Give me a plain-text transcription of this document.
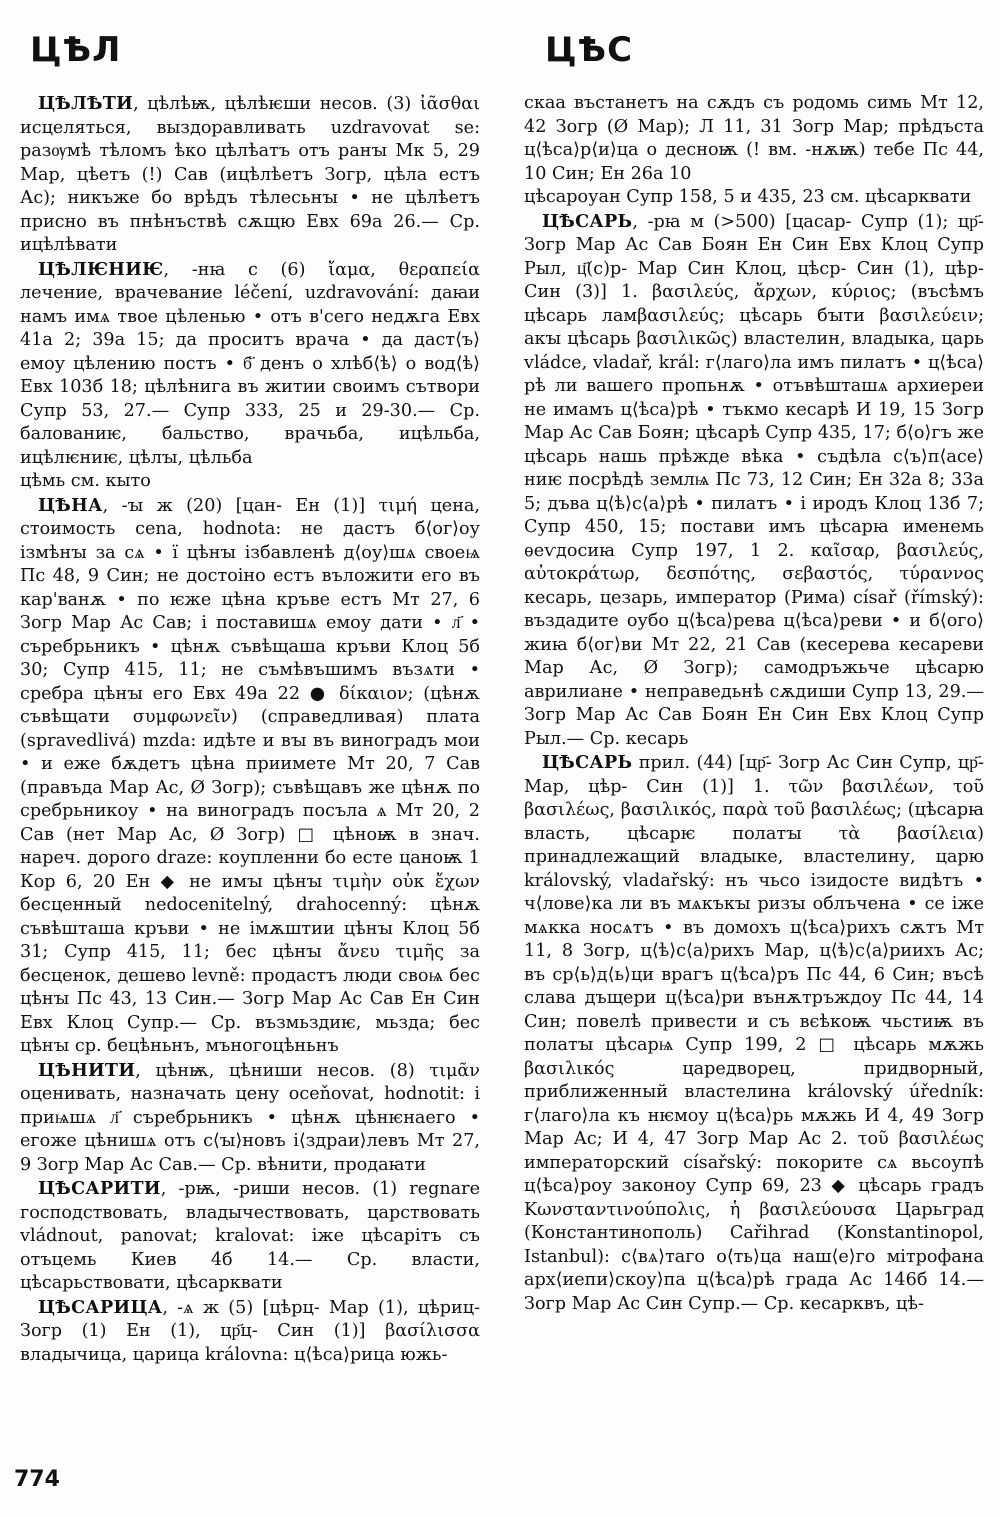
ЦѢЛ	ЦѢС

ЦѢЛѢТИ, цѣлѣѭ, цѣлѣѥши несов. (3) ἰᾶσθαι исцеляться, выздоравливать uzdravovat se: разѹмѣ тѣломъ ѣко цѣлѣатъ отъ ранꙑ Мк 5, 29 Мар, цѣетъ (!) Сав (ицѣлѣетъ Зогр, цѣла естъ Ас); никъже бо врѣдъ тѣлесьнꙑ • не цѣлѣетъ присно въ пнѣнъствѣ сѫщю Евх 69а 26.— Ср. ицѣлѣвати

ЦѢЛѤНИѤ, -нꙗ с (6) ἴαμα, θεραπεία лечение, врачевание léčení, uzdravování: даꙗи намъ имѧ твое цѣленью • отъ в'сего недѫга Евх 41а 2; 39а 15; да проситъ врача • да даст⟨ъ⟩ емоу цѣлению постъ • б҃ денъ о хлѣб⟨ѣ⟩ о вод⟨ѣ⟩ Евх 103б 18; цѣлѣнига въ житии своимъ сътвори Супр 53, 27.— Супр 333, 25 и 29-30.— Ср. балованиѥ, бальство, врачьба, ицѣльба, ицѣлѥниѥ, цѣлꙑ, цѣльба

цѣмь см. кыто

ЦѢНА, -ꙑ ж (20) [цан- Ен (1)] τιμή цена, стоимость cena, hodnota: не дастъ б⟨ог⟩оу ізмѣнꙑ за сѧ • ї цѣнꙑ ізбавленѣ д⟨оу⟩шѧ своеѩ Пс 48, 9 Син; не достоіно естъ вълoжити его въ кар'ванѫ • по ѥже цѣна кръве естъ Мт 27, 6 Зогр Мар Ас Сав; і поставишѧ емоу дати • л҃ • сърeбрьникъ • цѣнѫ съвѣщаша кръви Клоц 5б 30; Супр 415, 11; не съмѣвъшимъ възѧти • сребра цѣнꙑ его Евх 49а 22 ● δίκαιον; (цѣнѫ съвѣщати συμφωνεῖν) (справедливая) плата (spravedlivá) mzda: идѣте и вꙑ въ виноградъ мои • и еже бѫдетъ цѣна приимете Мт 20, 7 Сав (правъда Мар Ас, Ø Зогр); съвѣщавъ же цѣнѫ по сребрьникоу • на виноградъ посъла ѧ Мт 20, 2 Сав (нет Мар Ас, Ø Зогр) □ цѣноѭ в знач. нареч. дорого draze: коупленни бо есте цаноѭ 1 Кор 6, 20 Ен ◆ не имꙑ цѣнꙑ τιμὴν οὐκ ἔχων бесценный nedocenitelný, drahocenný: цѣнѫ съвѣшташа кръви • не імѫштии цѣнꙑ Клоц 5б 31; Супр 415, 11; бес цѣнꙑ ἄνευ τιμῆς за бесценок, дешево levně: продастъ люди своѩ бес цѣнꙑ Пс 43, 13 Син.— Зогр Мар Ас Сав Ен Син Евх Клоц Супр.— Ср. възмьздиѥ, мьзда; бес цѣнꙑ ср. бецѣньнъ, мъногоцѣньнъ

ЦѢНИТИ, цѣнѭ, цѣниши несов. (8) τιμᾶν оценивать, назначать цену oceňovat, hodnotit: і приѩшѧ л҃ сърeбрьникъ • цѣнѫ цѣнѥнаего • егоже цѣнишѧ отъ с⟨ꙑ⟩новъ і⟨здраи⟩левъ Мт 27, 9 Зогр Мар Ас Сав.— Ср. вѣнити, продаꙗти

ЦѢСАРИТИ, -рѭ, -риши несов. (1) regnare господствовать, владычествовать, царствовать vládnout, panovat; kralovat: іже цѣсарітъ съ отъцемь Киев 4б 14.— Ср. власти, цѣсарьствовати, цѣсарквати

ЦѢСАРИЦА, -ѧ ж (5) [цѣрц- Мар (1), цѣриц- Зогр (1) Ен (1), цр҃ц- Син (1)] βασίλισσα владычица, царица královna: ц⟨ѣса⟩рица южь-

скаа въстанетъ на сѫдъ съ родомь симь Мт 12, 42 Зогр (Ø Мар); Л 11, 31 Зогр Мар; прѣдъста ц⟨ѣса⟩р⟨и⟩ца о десноѭ (! вм. -нѫѭ) тебе Пс 44, 10 Син; Ен 26а 10

цѣсароуан Супр 158, 5 и 435, 23 см. цѣсарквати

ЦѢСАРЬ, -рꙗ м (>500) [цасар- Супр (1); цр҃- Зогр Мар Ас Сав Боян Ен Син Евх Клоц Супр Рыл, ц҃(с)р- Мар Син Клоц, цѣср- Син (1), цѣр- Син (3)] 1. βασιλεύς, ἄρχων, κύριος; (въсѣмъ цѣсарь ламβασιλεύς; цѣсарь бꙑти βασιλεύειν; акꙑ цѣсарь βασιλικῶς) властелин, владыка, царь vládce, vladař, král: г⟨лаго⟩ла имъ пилатъ • ц⟨ѣса⟩рѣ ли вашего пропьнѫ • отъвѣшташѧ архиереи не имамъ ц⟨ѣса⟩рѣ • тъкмо кесарѣ И 19, 15 Зогр Мар Ас Сав Боян; цѣсарѣ Супр 435, 17; б⟨о⟩гъ же цѣсарь нашь прѣжде вѣка • съдѣла с⟨ъ⟩п⟨асе⟩ниѥ посрѣдѣ землѩ Пс 73, 12 Син; Ен 32а 8; 33а 5; дъва ц⟨ѣ⟩с⟨а⟩рѣ • пилатъ • і иродъ Клоц 13б 7; Супр 450, 15; постави имъ цѣсарꙗ именемь ѳеѵдосиꙗ Супр 197, 1 2. καῖσαρ, βασιλεύς, αὐτοκράτωρ, δεσπότης, σεβαστός, τύραννος кесарь, цезарь, император (Рима) císař (římský): въздадите оубо ц⟨ѣса⟩рева ц⟨ѣса⟩реви • и б⟨ого⟩жиꙗ б⟨ог⟩ви Мт 22, 21 Сав (кесерева кесареви Мар Ас, Ø Зогр); самодръжьче цѣсарю аврилиане • неправедьнѣ сѫдиши Супр 13, 29.— Зогр Мар Ас Сав Боян Ен Син Евх Клоц Супр Рыл.— Ср. кесарь

ЦѢСАРЬ прил. (44) [цр҃- Зогр Ас Син Супр, цр҃- Мар, цѣр- Син (1)] 1. τῶν βασιλέων, τοῦ βασιλέως, βασιλικός, παρὰ τοῦ βασιλέως; (цѣсарꙗ власть, цѣсарѥ полатꙑ τὰ βασίλεια) принадлежащий владыке, властелину, царю královský, vladařský: нъ чьсо ізидосте видѣтъ • ч⟨лове⟩ка ли въ мѧкъкꙑ ризꙑ облъчена • се іже мѧкка носѧтъ • въ домохъ ц⟨ѣса⟩рихъ сѫтъ Мт 11, 8 Зогр, ц⟨ѣ⟩с⟨а⟩рихъ Мар, ц⟨ѣ⟩с⟨а⟩риихъ Ас; въ ср⟨ь⟩д⟨ь⟩ци врагъ ц⟨ѣса⟩ръ Пс 44, 6 Син; въсѣ слава дъщери ц⟨ѣса⟩ри вънѫтръждоу Пс 44, 14 Син; повелѣ привести и съ вєѣкоѭ чьстиѭ въ полатꙑ цѣсарѩ Супр 199, 2 □ цѣсарь мѫжь βασιλικός царедворец, придворный, приближенный властелина královský úředník: г⟨лаго⟩ла къ нѥмоу ц⟨ѣса⟩рь мѫжь И 4, 49 Зогр Мар Ас; И 4, 47 Зогр Мар Ас 2. τοῦ βασιλέως императорский císařský: покорите сѧ вьсоупѣ ц⟨ѣса⟩роу законоу Супр 69, 23 ◆ цѣсарь градъ Κωνσταντινούπολις, ἡ βασιλεύουσα Царьград (Константинополь) Cařihrad (Konstantinopol, Istanbul): с⟨вѧ⟩таго о⟨ть⟩ца наш⟨е⟩го мітрофана арх⟨иепи⟩скоу⟩па ц⟨ѣса⟩рѣ града Ас 146б 14.— Зогр Мар Ас Син Супр.— Ср. кесарквъ, цѣ-

774
